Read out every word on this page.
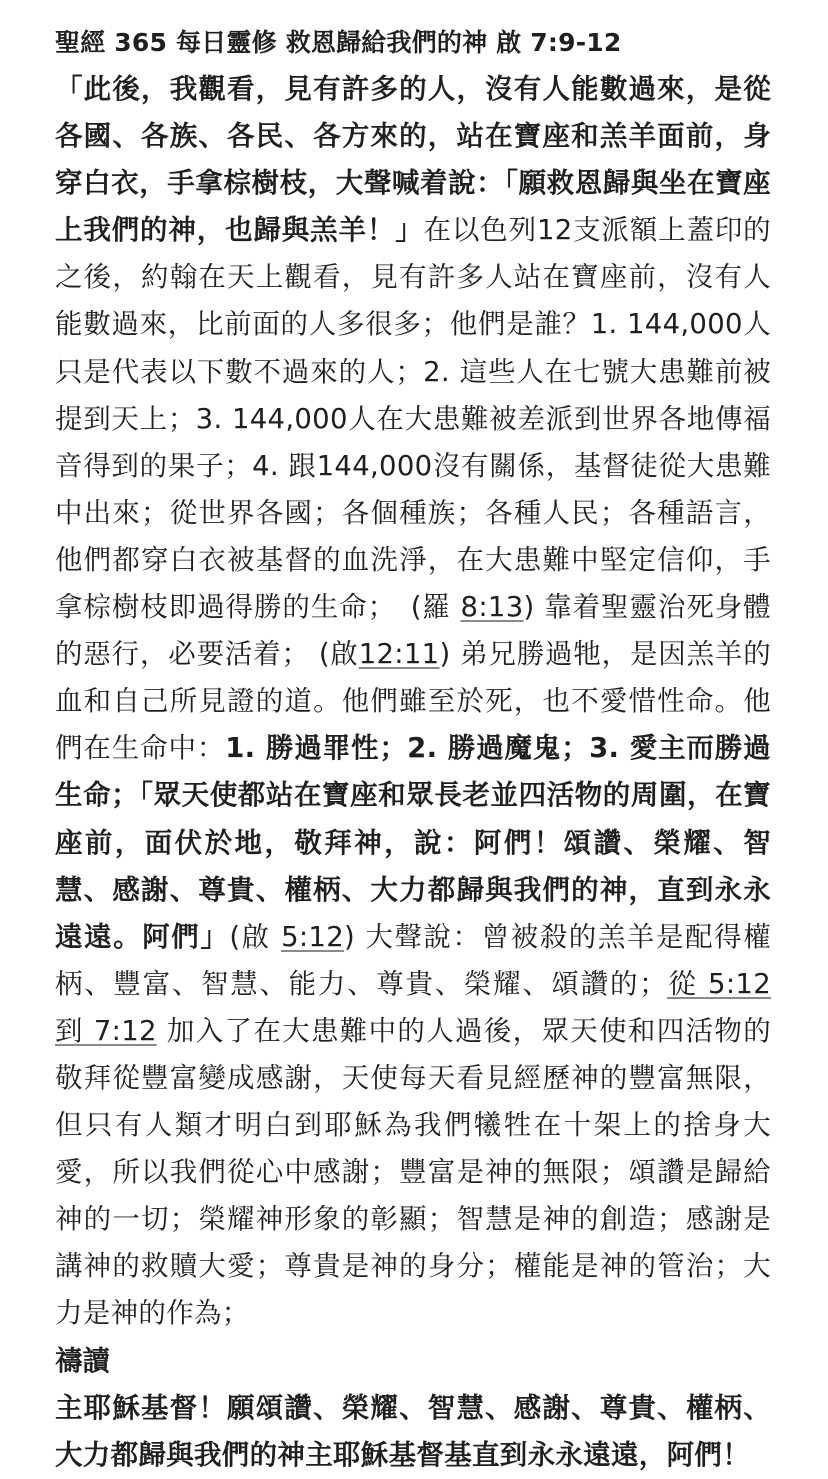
聖經 365 每日靈修 救恩歸給我們的神 啟 7:9-12

「此後，我觀看，見有許多的人，沒有人能數過來，是從各國、各族、各民、各方來的，站在寶座和羔羊面前，身穿白衣，手拿棕樹枝，大聲喊着說：「願救恩歸與坐在寶座上我們的神，也歸與羔羊！」在以色列12支派額上蓋印的之後，約翰在天上觀看，見有許多人站在寶座前，沒有人能數過來，比前面的人多很多；他們是誰？1. 144,000人只是代表以下數不過來的人；2. 這些人在七號大患難前被提到天上；3. 144,000人在大患難被差派到世界各地傳福音得到的果子；4. 跟144,000沒有關係，基督徒從大患難中出來；從世界各國；各個種族；各種人民；各種語言，他們都穿白衣被基督的血洗淨，在大患難中堅定信仰，手拿棕樹枝即過得勝的生命；　(羅 8:13) 靠着聖靈治死身體的惡行，必要活着； (啟12:11) 弟兄勝過牠，是因羔羊的血和自己所見證的道。他們雖至於死，也不愛惜性命。他們在生命中：1. 勝過罪性；2. 勝過魔鬼；3. 愛主而勝過生命；「眾天使都站在寶座和眾長老並四活物的周圍，在寶座前，面伏於地，敬拜神，說：阿們！頌讚、榮耀、智慧、感謝、尊貴、權柄、大力都歸與我們的神，直到永永遠遠。阿們」(啟 5:12) 大聲說：曾被殺的羔羊是配得權柄、豐富、智慧、能力、尊貴、榮耀、頌讚的；從 5:12 到 7:12 加入了在大患難中的人過後，眾天使和四活物的敬拜從豐富變成感謝，天使每天看見經歷神的豐富無限，但只有人類才明白到耶穌為我們犧牲在十架上的捨身大愛，所以我們從心中感謝；豐富是神的無限；頌讚是歸給神的一切；榮耀神形象的彰顯；智慧是神的創造；感謝是講神的救贖大愛；尊貴是神的身分；權能是神的管治；大力是神的作為；

禱讀

主耶穌基督！願頌讚、榮耀、智慧、感謝、尊貴、權柄、大力都歸與我們的神主耶穌基督基直到永永遠遠，阿們！
